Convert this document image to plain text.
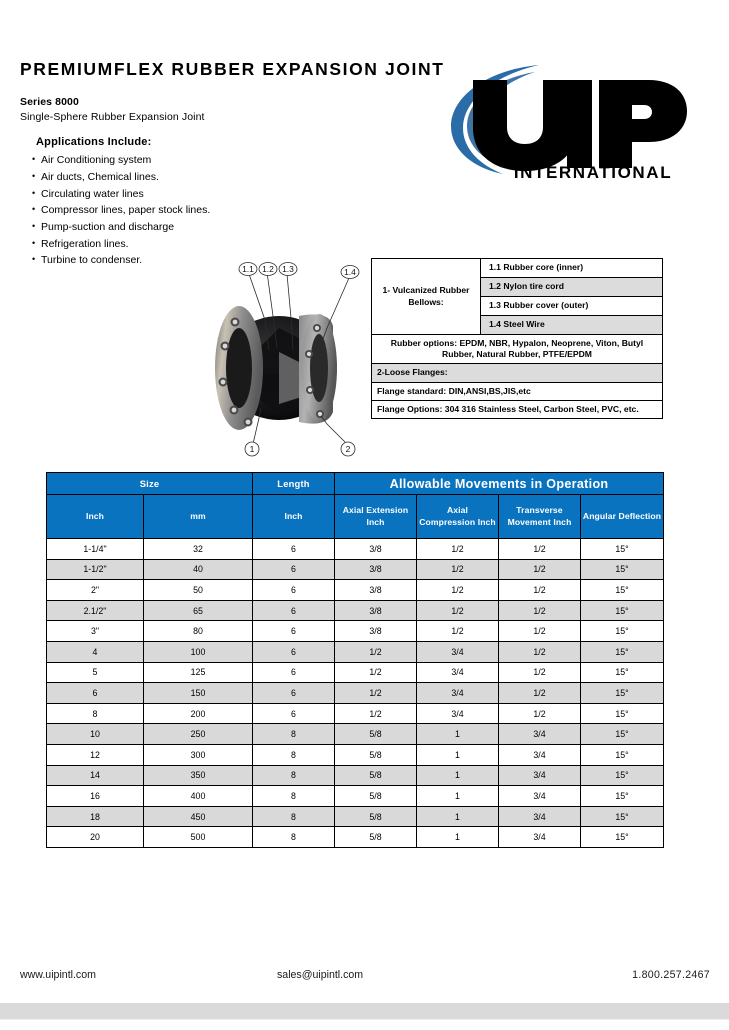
PREMIUMFLEX RUBBER EXPANSION JOINT
Series 8000
Single-Sphere Rubber Expansion Joint
Applications Include:
• Air Conditioning system
• Air ducts, Chemical lines.
• Circulating water lines
• Compressor lines, paper stock lines.
• Pump-suction and discharge
• Refrigeration lines.
• Turbine to condenser.
INTERNATIONAL
1.1 1.2 1.3	1.4
1	2
1- Vulcanized Rubber Bellows:	1.1 Rubber core (inner)
1.2 Nylon tire cord
1.3 Rubber cover (outer)
1.4 Steel Wire
Rubber options: EPDM, NBR, Hypalon, Neoprene, Viton, Butyl Rubber, Natural Rubber, PTFE/EPDM
2-Loose Flanges:
Flange standard: DIN,ANSI,BS,JIS,etc
Flange Options: 304 316 Stainless Steel, Carbon Steel, PVC, etc.
Size		Length	Allowable Movements in Operation			
Inch	mm	Inch	Axial Extension Inch	Axial Compression Inch	Transverse Movement Inch	Angular Deflection
1-1/4"	32	6	3/8	1/2	1/2	15°
1-1/2"	40	6	3/8	1/2	1/2	15°
2"	50	6	3/8	1/2	1/2	15°
2.1/2"	65	6	3/8	1/2	1/2	15°
3"	80	6	3/8	1/2	1/2	15°
4	100	6	1/2	3/4	1/2	15°
5	125	6	1/2	3/4	1/2	15°
6	150	6	1/2	3/4	1/2	15°
8	200	6	1/2	3/4	1/2	15°
10	250	8	5/8	1	3/4	15°
12	300	8	5/8	1	3/4	15°
14	350	8	5/8	1	3/4	15°
16	400	8	5/8	1	3/4	15°
18	450	8	5/8	1	3/4	15°
20	500	8	5/8	1	3/4	15°
www.uipintl.com	sales@uipintl.com	1.800.257.2467
